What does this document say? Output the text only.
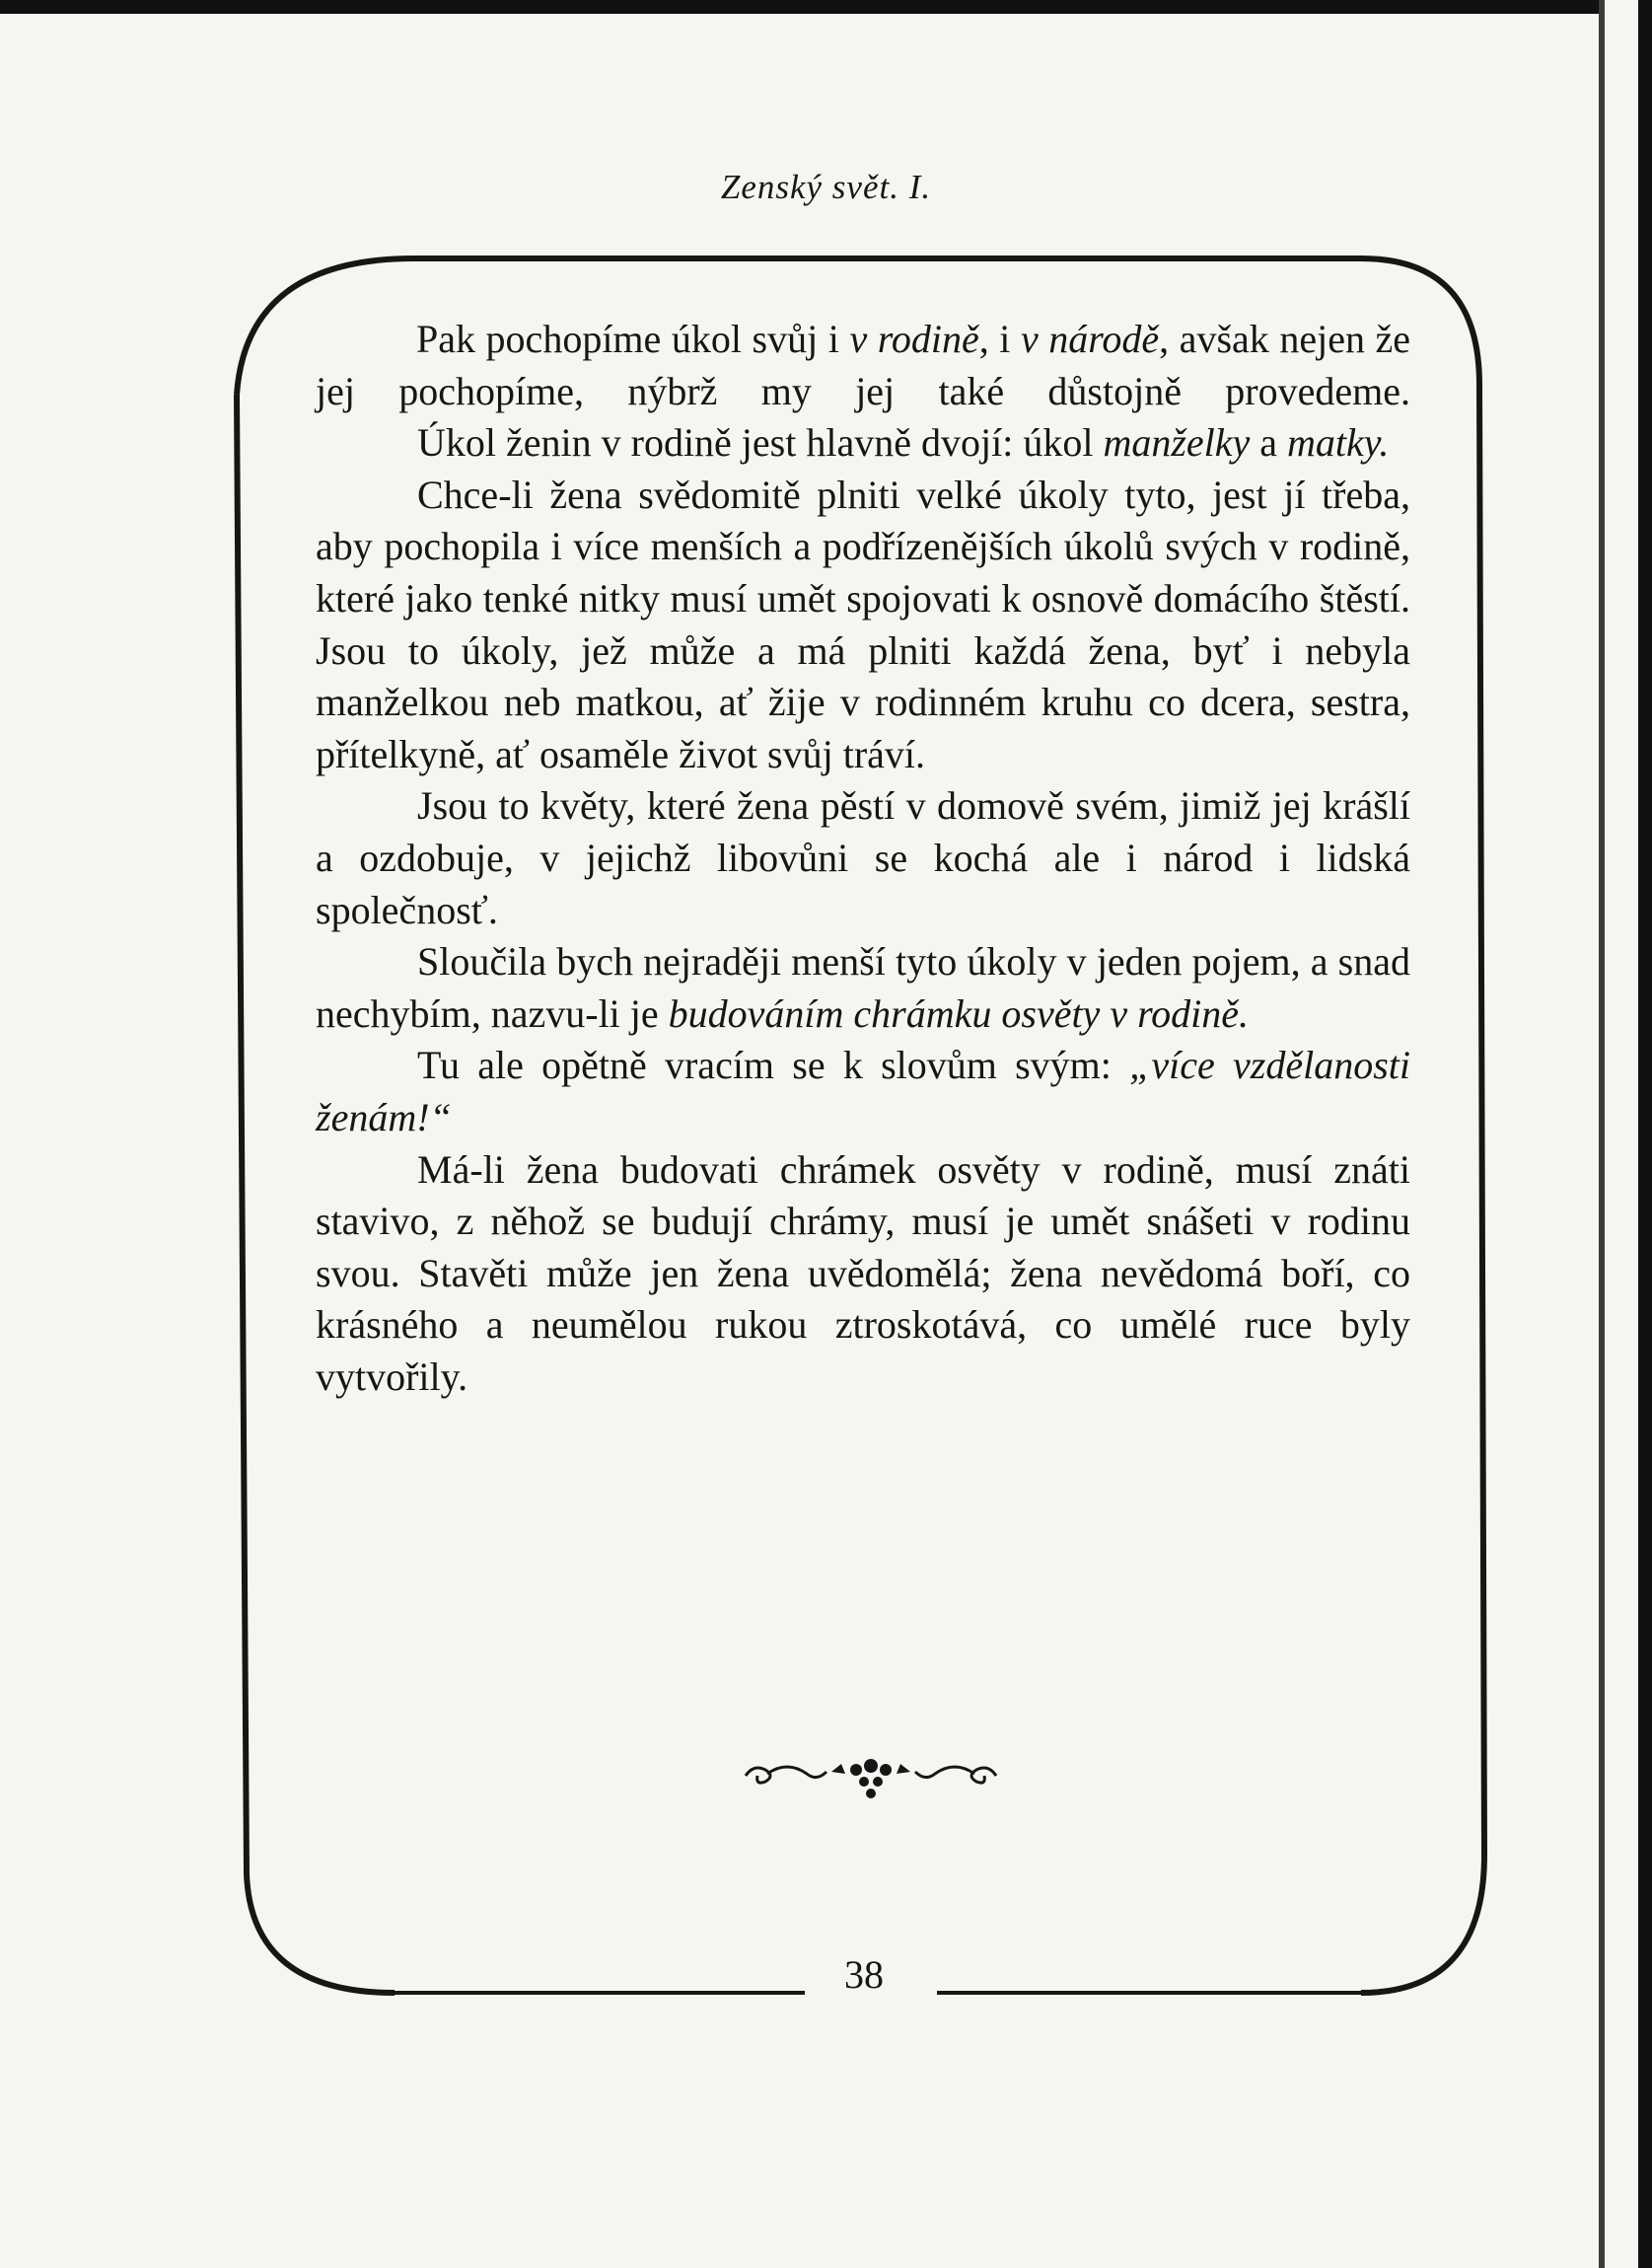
Zenský svět. I.

Pak pochopíme úkol svůj i v rodině, i v národě, avšak nejen že jej pochopíme, nýbrž my jej také důstojně provedeme.

Úkol ženin v rodině jest hlavně dvojí: úkol manželky a matky.

Chce-li žena svědomitě plniti velké úkoly tyto, jest jí třeba, aby pochopila i více menších a podřízenějších úkolů svých v rodině, které jako tenké nitky musí umět spojovati k osnově domácího štěstí. Jsou to úkoly, jež může a má plniti každá žena, byť i nebyla manželkou neb matkou, ať žije v rodinném kruhu co dcera, sestra, přítelkyně, ať osaměle život svůj tráví.

Jsou to květy, které žena pěstí v domově svém, jimiž jej krášlí a ozdobuje, v jejichž libovůni se kochá ale i národ i lidská společnosť.

Sloučila bych nejraději menší tyto úkoly v jeden pojem, a snad nechybím, nazvu-li je budováním chrámku osvěty v rodině.

Tu ale opětně vracím se k slovům svým: „více vzdělanosti ženám!“

Má-li žena budovati chrámek osvěty v rodině, musí znáti stavivo, z něhož se budují chrámy, musí je umět snášeti v rodinu svou. Stavěti může jen žena uvědomělá; žena nevědomá boří, co krásného a neumělou rukou ztroskotává, co umělé ruce byly vytvořily.

38
